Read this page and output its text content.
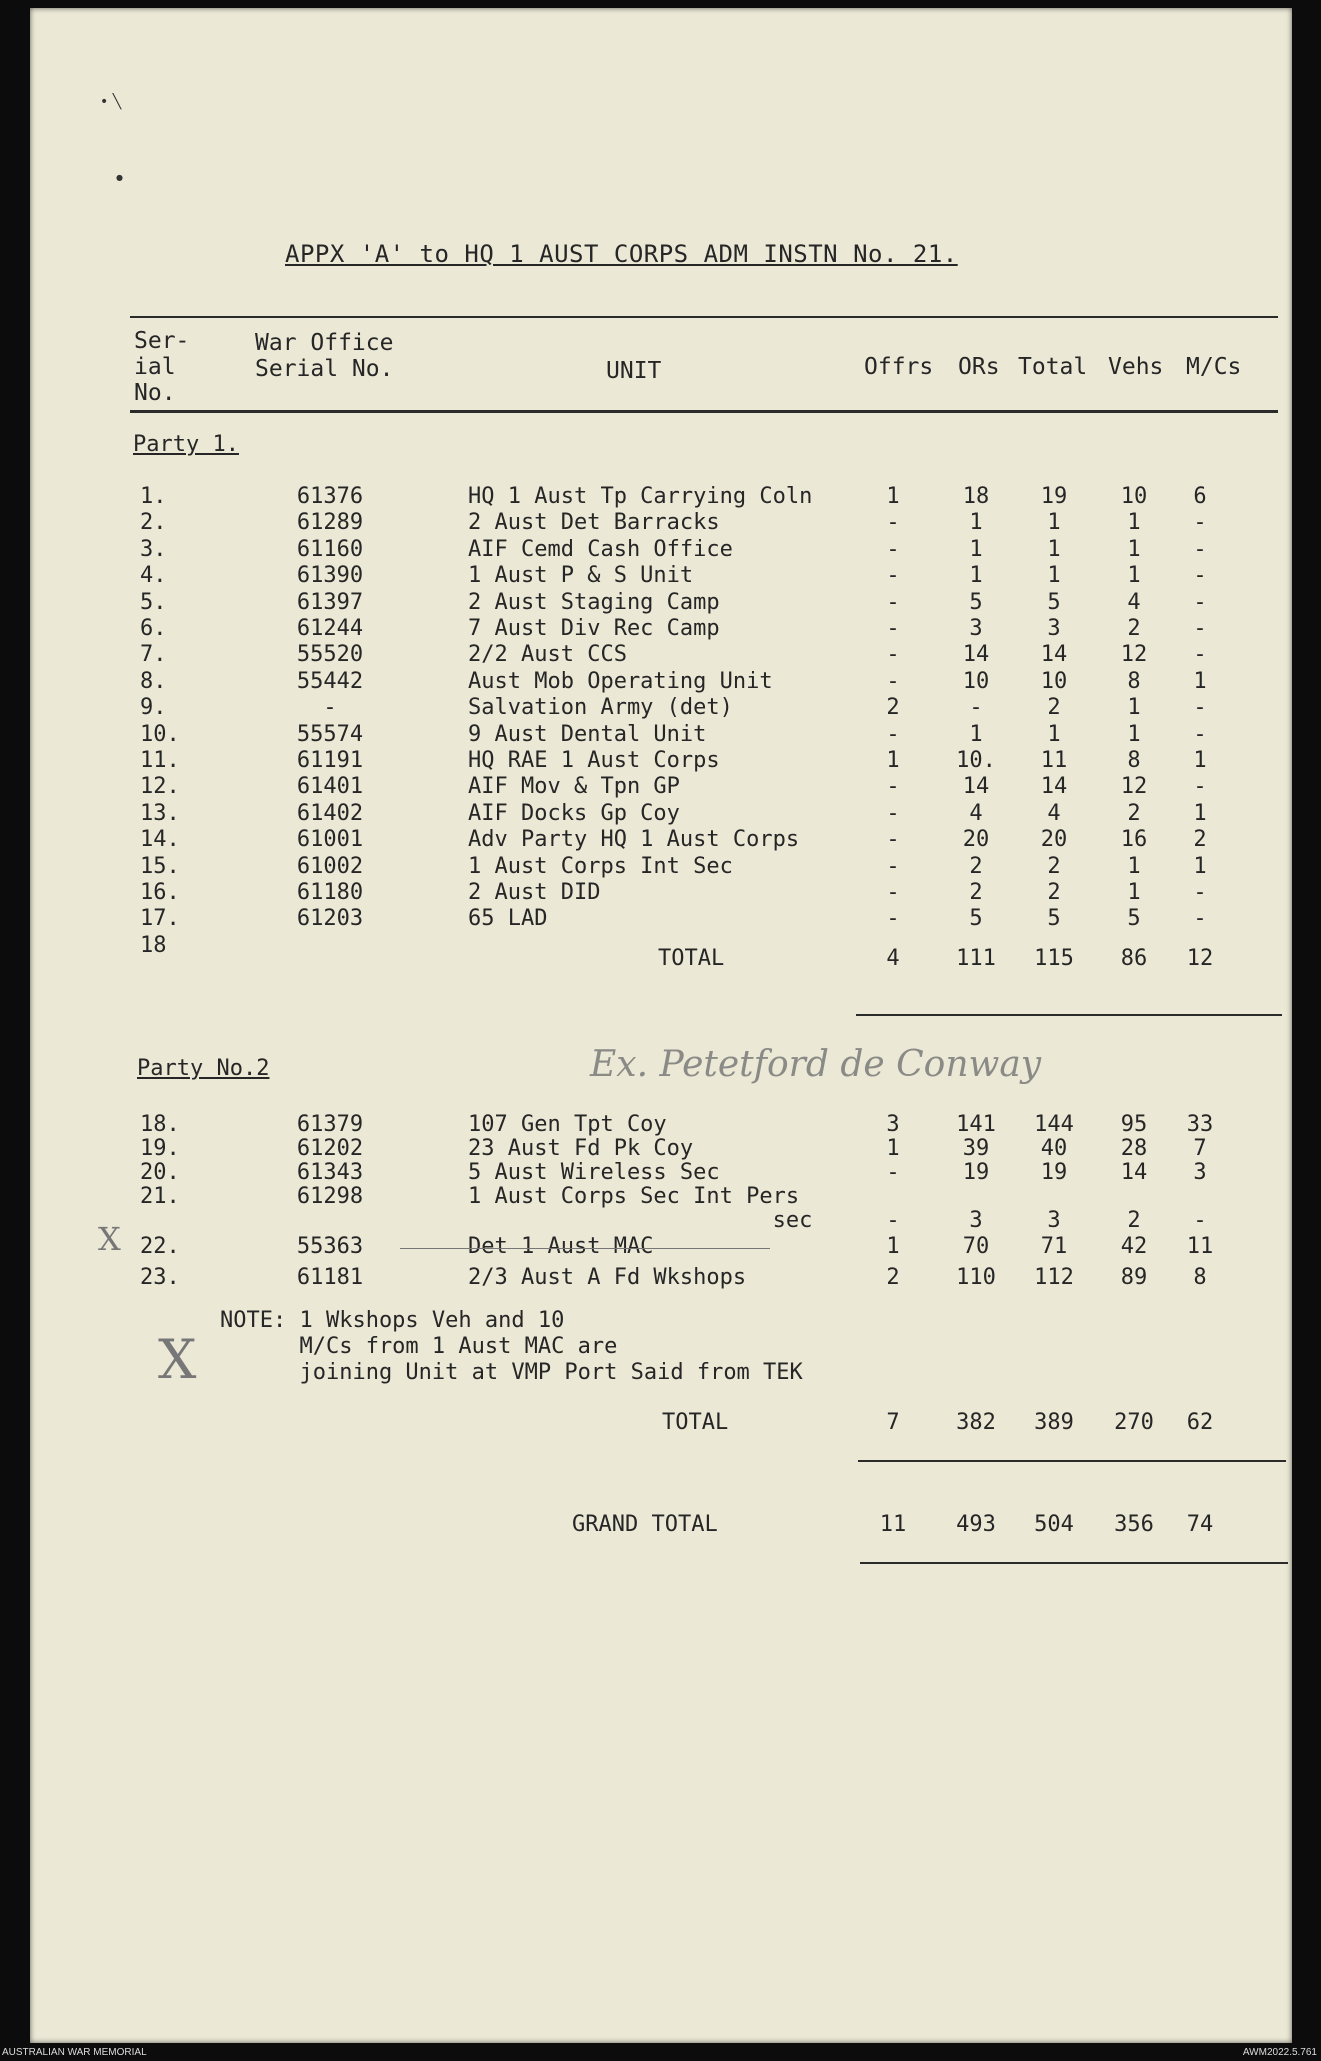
• ╲
●
APPX 'A' to HQ 1 AUST CORPS ADM INSTN No. 21.
Ser-
ial
No.
War Office
Serial No.	UNIT	Offrs ORs Total Vehs M/Cs
Party 1.
1.	61376	HQ 1 Aust Tp Carrying Coln	1	18	19	10	6
2.	61289	2 Aust Det Barracks	-	1	1	1	-
3.	61160	AIF Cemd Cash Office	-	1	1	1	-
4.	61390	1 Aust P & S Unit	-	1	1	1	-
5.	61397	2 Aust Staging Camp	-	5	5	4	-
6.	61244	7 Aust Div Rec Camp	-	3	3	2	-
7.	55520	2/2 Aust CCS	-	14	14	12	-
8.	55442	Aust Mob Operating Unit	-	10	10	8	1
9.	-	Salvation Army (det)	2	-	2	1	-
10.	55574	9 Aust Dental Unit	-	1	1	1	-
11.	61191	HQ RAE 1 Aust Corps	1	10.	11	8	1
12.	61401	AIF Mov & Tpn GP	-	14	14	12	-
13.	61402	AIF Docks Gp Coy	-	4	4	2	1
14.	61001	Adv Party HQ 1 Aust Corps	-	20	20	16	2
15.	61002	1 Aust Corps Int Sec	-	2	2	1	1
16.	61180	2 Aust DID	-	2	2	1	-
17.	61203	65 LAD	-	5	5	5	-
18
TOTAL	4	111	115	86	12
Party No.2	Ex. Petetford de Conway
18.	61379	107 Gen Tpt Coy	3	141	144	95	33
19.	61202	23 Aust Fd Pk Coy	1	39	40	28	7
20.	61343	5 Aust Wireless Sec	-	19	19	14	3
21.	61298	1 Aust Corps Sec Int Pers
sec	-	3	3	2	-
22.	55363	Det 1 Aust MAC	1	70	71	42	11
23.	61181	2/3 Aust A Fd Wkshops	2	110	112	89	8
X
X
NOTE: 1 Wkshops Veh and 10
M/Cs from 1 Aust MAC are
joining Unit at VMP Port Said from TEK
TOTAL	7	382	389	270	62
GRAND TOTAL	11	493	504	356	74
AUSTRALIAN WAR MEMORIAL	AWM2022.5.761
